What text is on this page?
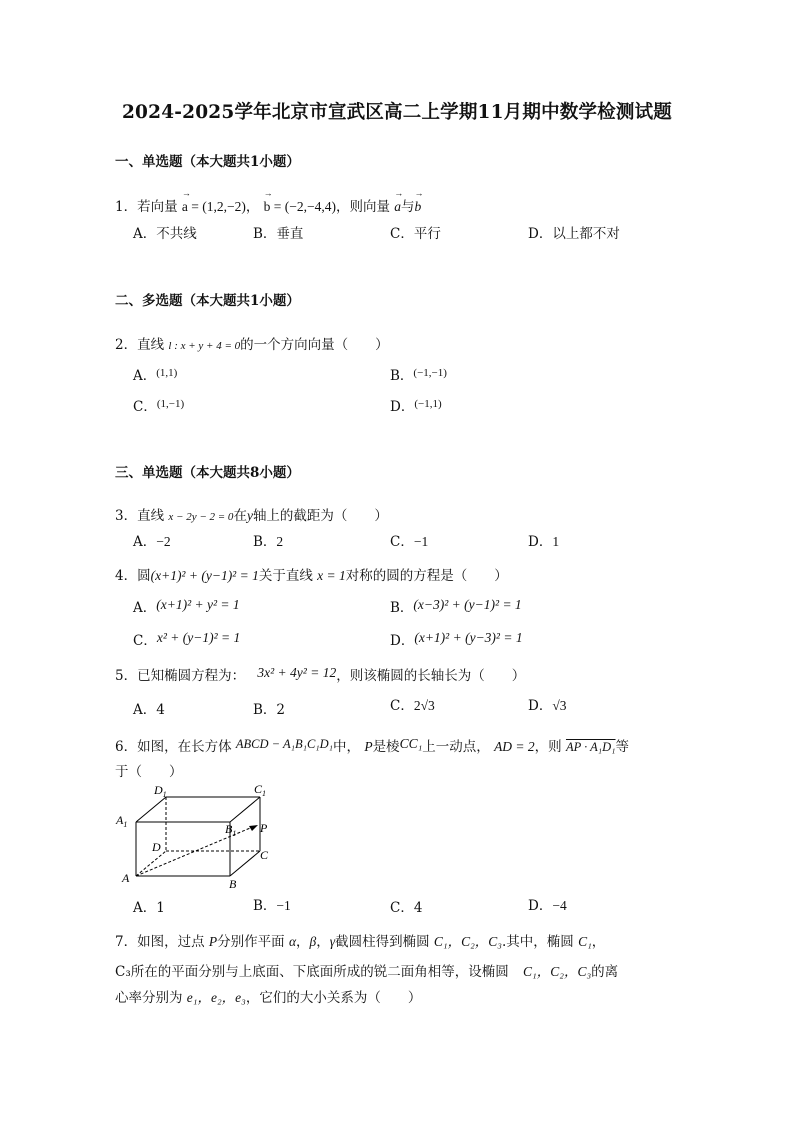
2024-2025学年北京市宣武区高二上学期11月期中数学检测试题
一、单选题（本大题共1小题）
1．若向量 → a = (1,2,−2)， → b = (−2,−4,4)，则向量 → a与→ b
A．不共线	B．垂直	C．平行	D．以上都不对
二、多选题（本大题共1小题）
2．直线 l : x + y + 4 = 0的一个方向向量（　　）
A．$^{(1,1)}$	B．$^{(-1,-1)}$
C．$^{(1,-1)}$	D．$^{(-1,1)}$
三、单选题（本大题共8小题）
3．直线 x − 2y − 2 = 0在y轴上的截距为（　　）
A．−2	B．2	C．−1	D．1
4．圆(x+1)² + (y−1)² = 1关于直线 x = 1对称的圆的方程是（　　）
A．(x+1)² + y² = 1	B．(x−3)² + (y−1)² = 1
C．x² + (y−1)² = 1	D．(x+1)² + (y−3)² = 1
5．已知椭圆方程为： 3x² + 4y² = 12，则该椭圆的长轴长为（　　）
A．4	B．2	C．2√3	D．√3
6．如图，在长方体 ABCD − A₁B₁C₁D₁中， P是棱CC₁上一动点， AD = 2，则 AP · A₁D₁等
于（　　）
$D_1$	$C_1$
$A_1$	$B_1$ P
D
C
A	B
A．1	B．−1	C．4	D．−4
7．如图，过点 P分别作平面 α，β，γ截圆柱得到椭圆 C₁，C₂，C₃.其中，椭圆 C₁，
C₃所在的平面分别与上底面、下底面所成的锐二面角相等，设椭圆 C₁，C₂，C₃的离
心率分别为 e₁，e₂，e₃，它们的大小关系为（　　）
